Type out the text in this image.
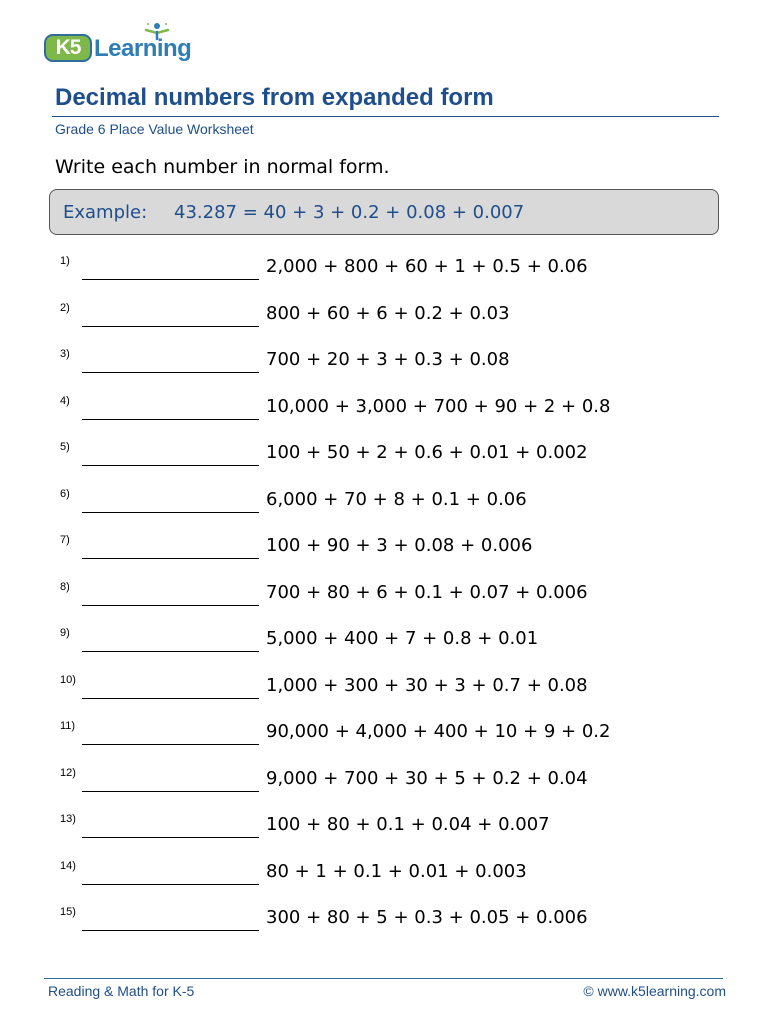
K5 Learning
Decimal numbers from expanded form
Grade 6 Place Value Worksheet
Write each number in normal form.
Example: 43.287 = 40 + 3 + 0.2 + 0.08 + 0.007
1)	2,000 + 800 + 60 + 1 + 0.5 + 0.06
2)	800 + 60 + 6 + 0.2 + 0.03
3)	700 + 20 + 3 + 0.3 + 0.08
4)	10,000 + 3,000 + 700 + 90 + 2 + 0.8
5)	100 + 50 + 2 + 0.6 + 0.01 + 0.002
6)	6,000 + 70 + 8 + 0.1 + 0.06
7)	100 + 90 + 3 + 0.08 + 0.006
8)	700 + 80 + 6 + 0.1 + 0.07 + 0.006
9)	5,000 + 400 + 7 + 0.8 + 0.01
10)	1,000 + 300 + 30 + 3 + 0.7 + 0.08
11)	90,000 + 4,000 + 400 + 10 + 9 + 0.2
12)	9,000 + 700 + 30 + 5 + 0.2 + 0.04
13)	100 + 80 + 0.1 + 0.04 + 0.007
14)	80 + 1 + 0.1 + 0.01 + 0.003
15)	300 + 80 + 5 + 0.3 + 0.05 + 0.006
Reading & Math for K-5	© www.k5learning.com
